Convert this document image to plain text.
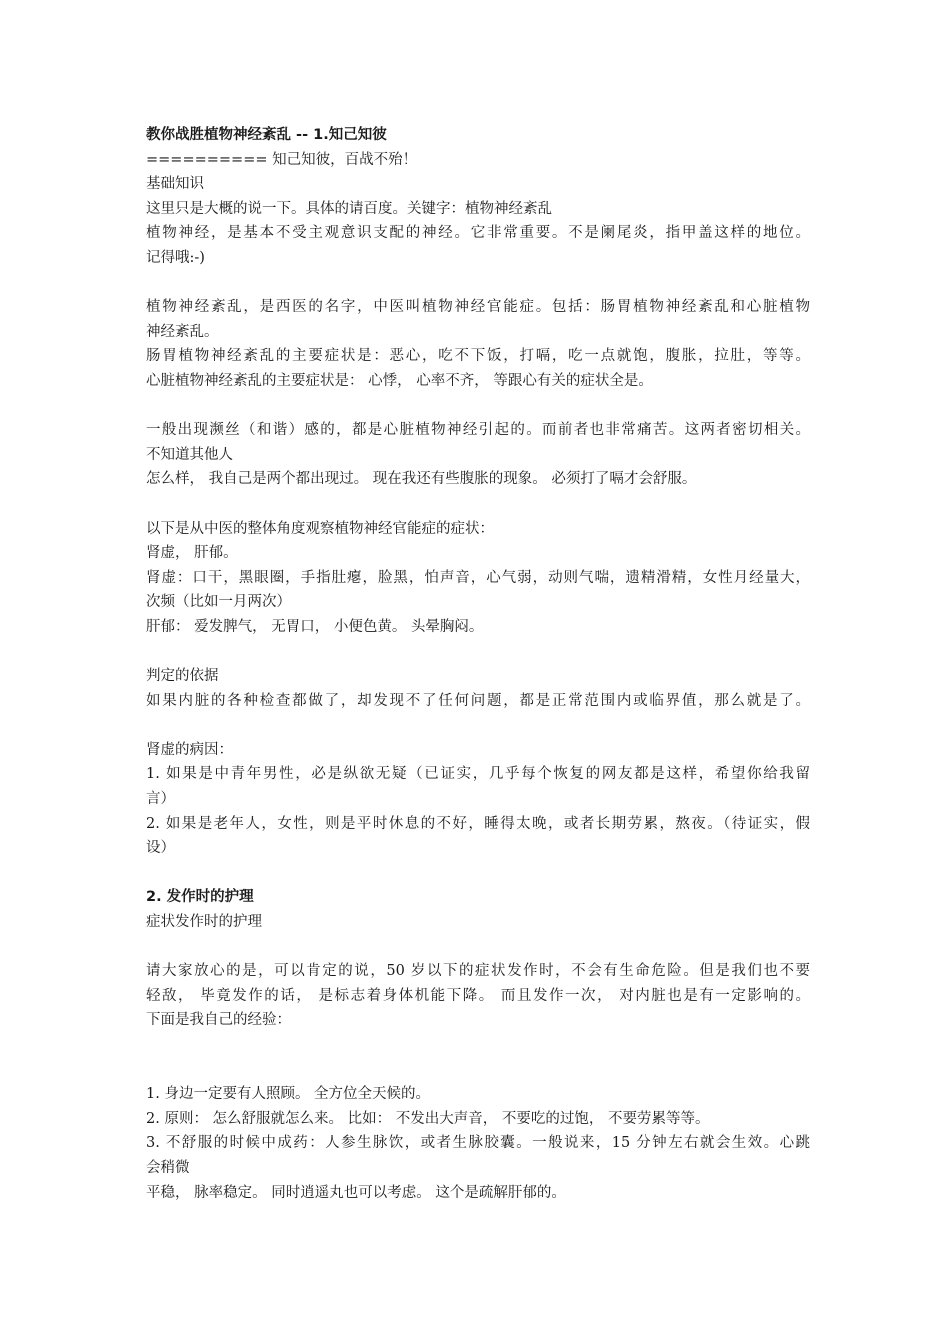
教你战胜植物神经紊乱 -- 1.知己知彼
========== 知己知彼，百战不殆！
基础知识
这里只是大概的说一下。具体的请百度。关键字：植物神经紊乱
植物神经，是基本不受主观意识支配的神经。它非常重要。不是阑尾炎，指甲盖这样的地位。
记得哦:-)
植物神经紊乱，是西医的名字，中医叫植物神经官能症。包括：肠胃植物神经紊乱和心脏植物
神经紊乱。
肠胃植物神经紊乱的主要症状是：恶心，吃不下饭，打嗝，吃一点就饱，腹胀，拉肚，等等。
心脏植物神经紊乱的主要症状是： 心悸， 心率不齐， 等跟心有关的症状全是。
一般出现濒丝（和谐）感的，都是心脏植物神经引起的。而前者也非常痛苦。这两者密切相关。
不知道其他人
怎么样， 我自己是两个都出现过。 现在我还有些腹胀的现象。 必须打了嗝才会舒服。
以下是从中医的整体角度观察植物神经官能症的症状：
肾虚， 肝郁。
肾虚：口干，黑眼圈，手指肚瘪，脸黑，怕声音，心气弱，动则气喘，遗精滑精，女性月经量大，
次频（比如一月两次）
肝郁： 爱发脾气， 无胃口， 小便色黄。 头晕胸闷。
判定的依据
如果内脏的各种检查都做了，却发现不了任何问题，都是正常范围内或临界值，那么就是了。
肾虚的病因：
1. 如果是中青年男性，必是纵欲无疑（已证实，几乎每个恢复的网友都是这样，希望你给我留
言）
2. 如果是老年人，女性，则是平时休息的不好，睡得太晚，或者长期劳累，熬夜。（待证实，假
设）
2. 发作时的护理
症状发作时的护理
请大家放心的是，可以肯定的说，50 岁以下的症状发作时，不会有生命危险。但是我们也不要
轻敌， 毕竟发作的话， 是标志着身体机能下降。 而且发作一次， 对内脏也是有一定影响的。
下面是我自己的经验：
1. 身边一定要有人照顾。 全方位全天候的。
2. 原则： 怎么舒服就怎么来。 比如： 不发出大声音， 不要吃的过饱， 不要劳累等等。
3. 不舒服的时候中成药：人参生脉饮，或者生脉胶囊。一般说来，15 分钟左右就会生效。心跳
会稍微
平稳， 脉率稳定。 同时逍遥丸也可以考虑。 这个是疏解肝郁的。
